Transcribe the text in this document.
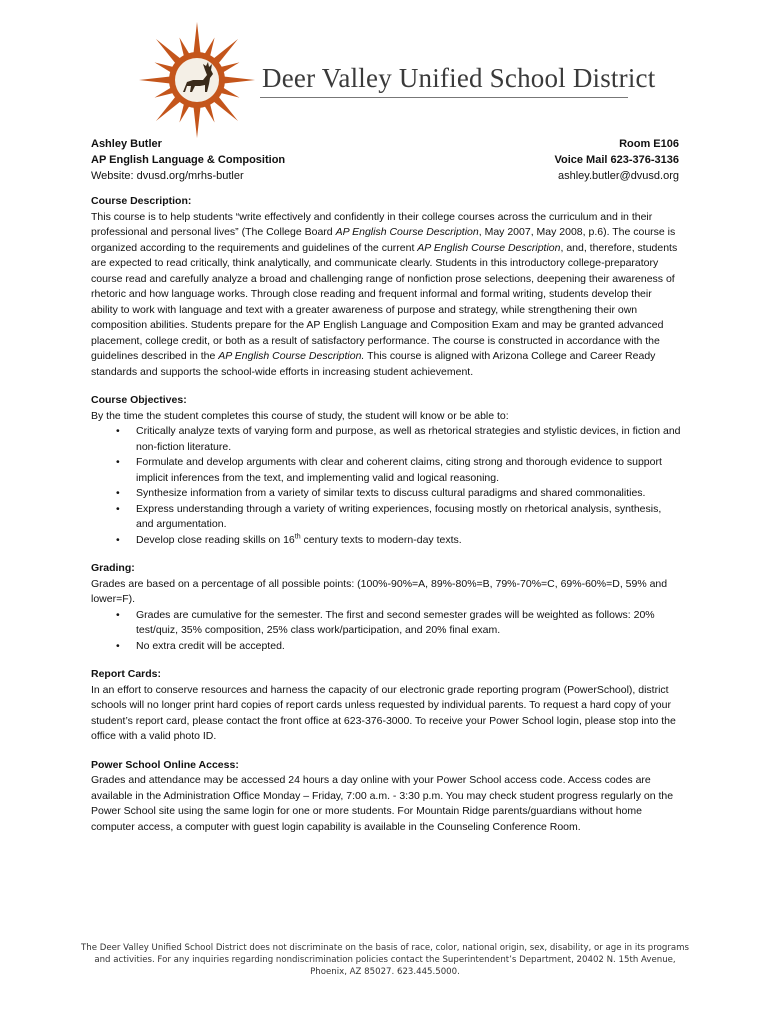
Deer Valley Unified School District
Ashley Butler
AP English Language & Composition
Website: dvusd.org/mrhs-butler
Room E106
Voice Mail 623-376-3136
ashley.butler@dvusd.org
Course Description:
This course is to help students “write effectively and confidently in their college courses across the curriculum and in their professional and personal lives” (The College Board AP English Course Description, May 2007, May 2008, p.6). The course is organized according to the requirements and guidelines of the current AP English Course Description, and, therefore, students are expected to read critically, think analytically, and communicate clearly. Students in this introductory college-preparatory course read and carefully analyze a broad and challenging range of nonfiction prose selections, deepening their awareness of rhetoric and how language works. Through close reading and frequent informal and formal writing, students develop their ability to work with language and text with a greater awareness of purpose and strategy, while strengthening their own composition abilities. Students prepare for the AP English Language and Composition Exam and may be granted advanced placement, college credit, or both as a result of satisfactory performance. The course is constructed in accordance with the guidelines described in the AP English Course Description. This course is aligned with Arizona College and Career Ready standards and supports the school-wide efforts in increasing student achievement.
Course Objectives:
By the time the student completes this course of study, the student will know or be able to:
• Critically analyze texts of varying form and purpose, as well as rhetorical strategies and stylistic devices, in fiction and non-fiction literature.
• Formulate and develop arguments with clear and coherent claims, citing strong and thorough evidence to support implicit inferences from the text, and implementing valid and logical reasoning.
• Synthesize information from a variety of similar texts to discuss cultural paradigms and shared commonalities.
• Express understanding through a variety of writing experiences, focusing mostly on rhetorical analysis, synthesis, and argumentation.
• Develop close reading skills on 16th century texts to modern-day texts.
Grading:
Grades are based on a percentage of all possible points: (100%-90%=A, 89%-80%=B, 79%-70%=C, 69%-60%=D, 59% and lower=F).
• Grades are cumulative for the semester. The first and second semester grades will be weighted as follows: 20% test/quiz, 35% composition, 25% class work/participation, and 20% final exam.
• No extra credit will be accepted.
Report Cards:
In an effort to conserve resources and harness the capacity of our electronic grade reporting program (PowerSchool), district schools will no longer print hard copies of report cards unless requested by individual parents. To request a hard copy of your student’s report card, please contact the front office at 623-376-3000. To receive your Power School login, please stop into the office with a valid photo ID.
Power School Online Access:
Grades and attendance may be accessed 24 hours a day online with your Power School access code. Access codes are available in the Administration Office Monday – Friday, 7:00 a.m. - 3:30 p.m. You may check student progress regularly on the Power School site using the same login for one or more students. For Mountain Ridge parents/guardians without home computer access, a computer with guest login capability is available in the Counseling Conference Room.
The Deer Valley Unified School District does not discriminate on the basis of race, color, national origin, sex, disability, or age in its programs and activities. For any inquiries regarding nondiscrimination policies contact the Superintendent’s Department, 20402 N. 15th Avenue, Phoenix, AZ 85027. 623.445.5000.
